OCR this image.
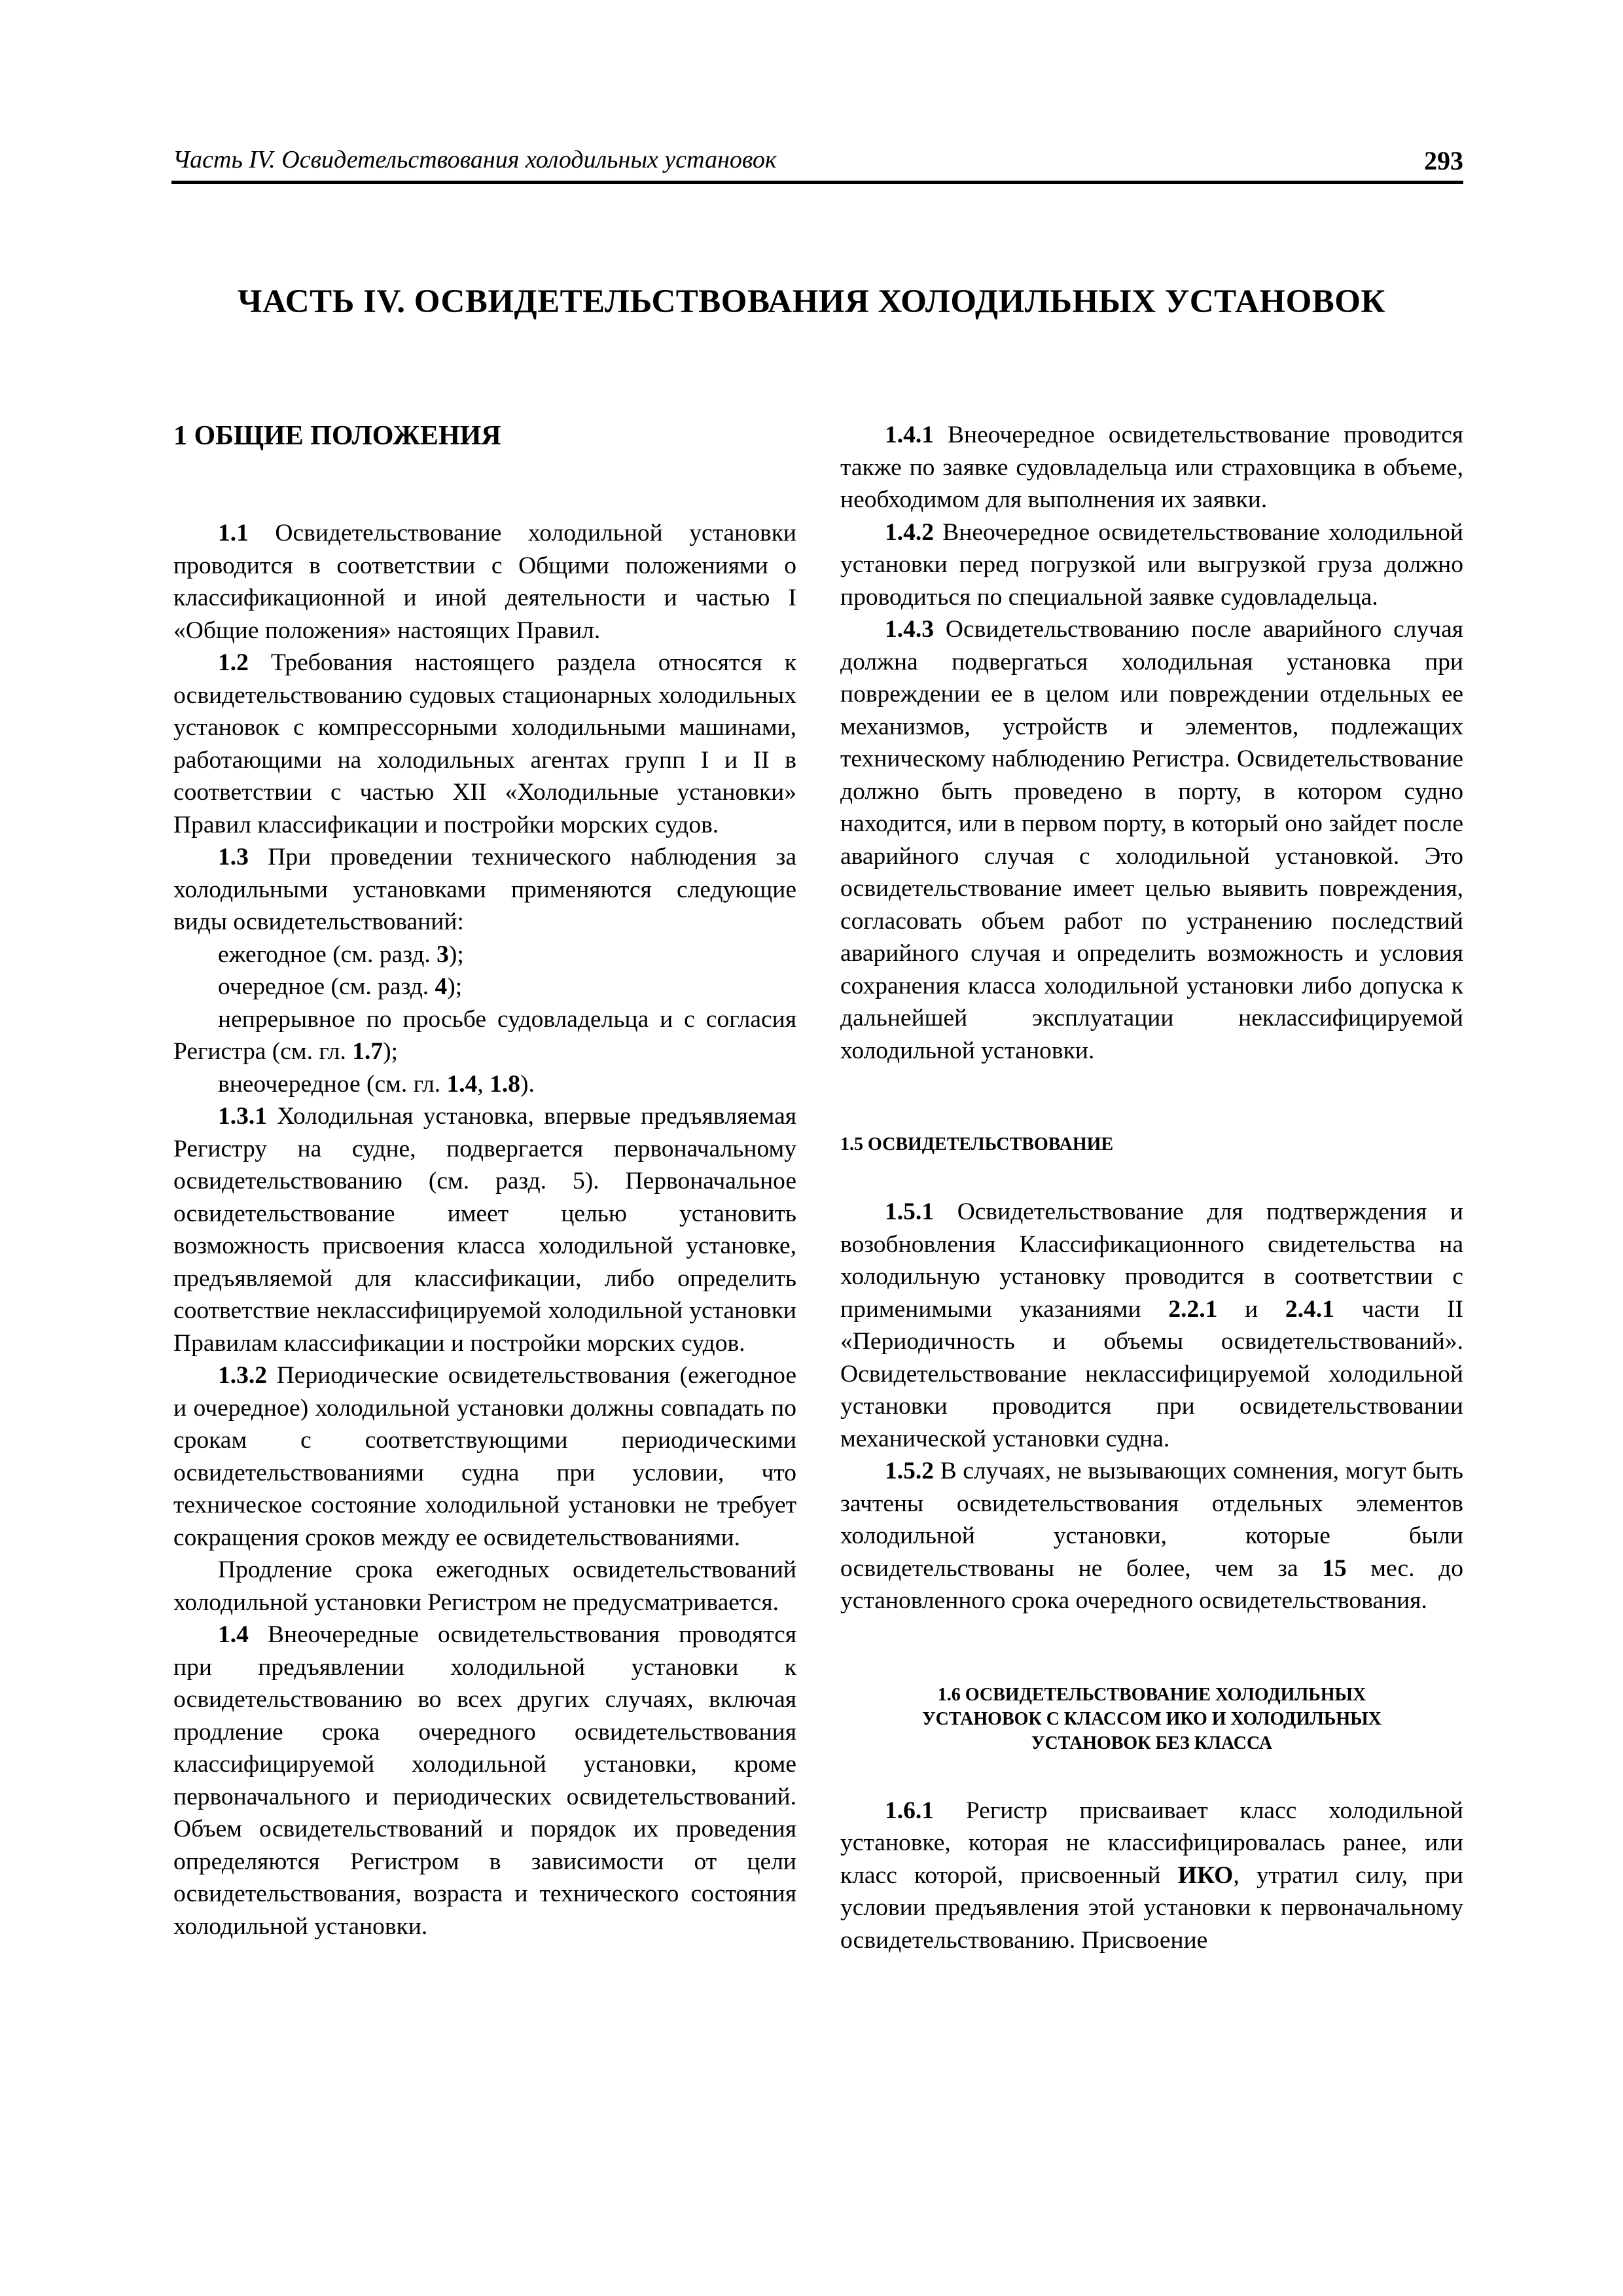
Часть IV. Освидетельствования холодильных установок	293
ЧАСТЬ IV. ОСВИДЕТЕЛЬСТВОВАНИЯ ХОЛОДИЛЬНЫХ УСТАНОВОК

1 ОБЩИЕ ПОЛОЖЕНИЯ

1.1 Освидетельствование холодильной установки проводится в соответствии с Общими положениями о классификационной и иной деятельности и частью I «Общие положения» настоящих Правил.

1.2 Требования настоящего раздела относятся к освидетельствованию судовых стационарных холодильных установок с компрессорными холодильными машинами, работающими на холодильных агентах групп I и II в соответствии с частью XII «Холодильные установки» Правил классификации и постройки морских судов.

1.3 При проведении технического наблюдения за холодильными установками применяются следующие виды освидетельствований:

ежегодное (см. разд. 3);

очередное (см. разд. 4);

непрерывное по просьбе судовладельца и с согласия Регистра (см. гл. 1.7);

внеочередное (см. гл. 1.4, 1.8).

1.3.1 Холодильная установка, впервые предъявляемая Регистру на судне, подвергается первоначальному освидетельствованию (см. разд. 5). Первоначальное освидетельствование имеет целью установить возможность присвоения класса холодильной установке, предъявляемой для классификации, либо определить соответствие неклассифицируемой холодильной установки Правилам классификации и постройки морских судов.

1.3.2 Периодические освидетельствования (ежегодное и очередное) холодильной установки должны совпадать по срокам с соответствующими периодическими освидетельствованиями судна при условии, что техническое состояние холодильной установки не требует сокращения сроков между ее освидетельствованиями.

Продление срока ежегодных освидетельствований холодильной установки Регистром не предусматривается.

1.4 Внеочередные освидетельствования проводятся при предъявлении холодильной установки к освидетельствованию во всех других случаях, включая продление срока очередного освидетельствования классифицируемой холодильной установки, кроме первоначального и периодических освидетельствований. Объем освидетельствований и порядок их проведения определяются Регистром в зависимости от цели освидетельствования, возраста и технического состояния холодильной установки.

1.4.1 Внеочередное освидетельствование проводится также по заявке судовладельца или страховщика в объеме, необходимом для выполнения их заявки.

1.4.2 Внеочередное освидетельствование холодильной установки перед погрузкой или выгрузкой груза должно проводиться по специальной заявке судовладельца.

1.4.3 Освидетельствованию после аварийного случая должна подвергаться холодильная установка при повреждении ее в целом или повреждении отдельных ее механизмов, устройств и элементов, подлежащих техническому наблюдению Регистра. Освидетельствование должно быть проведено в порту, в котором судно находится, или в первом порту, в который оно зайдет после аварийного случая с холодильной установкой. Это освидетельствование имеет целью выявить повреждения, согласовать объем работ по устранению последствий аварийного случая и определить возможность и условия сохранения класса холодильной установки либо допуска к дальнейшей эксплуатации неклассифицируемой холодильной установки.

1.5 ОСВИДЕТЕЛЬСТВОВАНИЕ

1.5.1 Освидетельствование для подтверждения и возобновления Классификационного свидетельства на холодильную установку проводится в соответствии с применимыми указаниями 2.2.1 и 2.4.1 части II «Периодичность и объемы освидетельствований». Освидетельствование неклассифицируемой холодильной установки проводится при освидетельствовании механической установки судна.

1.5.2 В случаях, не вызывающих сомнения, могут быть зачтены освидетельствования отдельных элементов холодильной установки, которые были освидетельствованы не более, чем за 15 мес. до установленного срока очередного освидетельствования.

1.6 ОСВИДЕТЕЛЬСТВОВАНИЕ ХОЛОДИЛЬНЫХ
УСТАНОВОК С КЛАССОМ ИКО И ХОЛОДИЛЬНЫХ
УСТАНОВОК БЕЗ КЛАССА

1.6.1 Регистр присваивает класс холодильной установке, которая не классифицировалась ранее, или класс которой, присвоенный ИКО, утратил силу, при условии предъявления этой установки к первоначальному освидетельствованию. Присвоение
